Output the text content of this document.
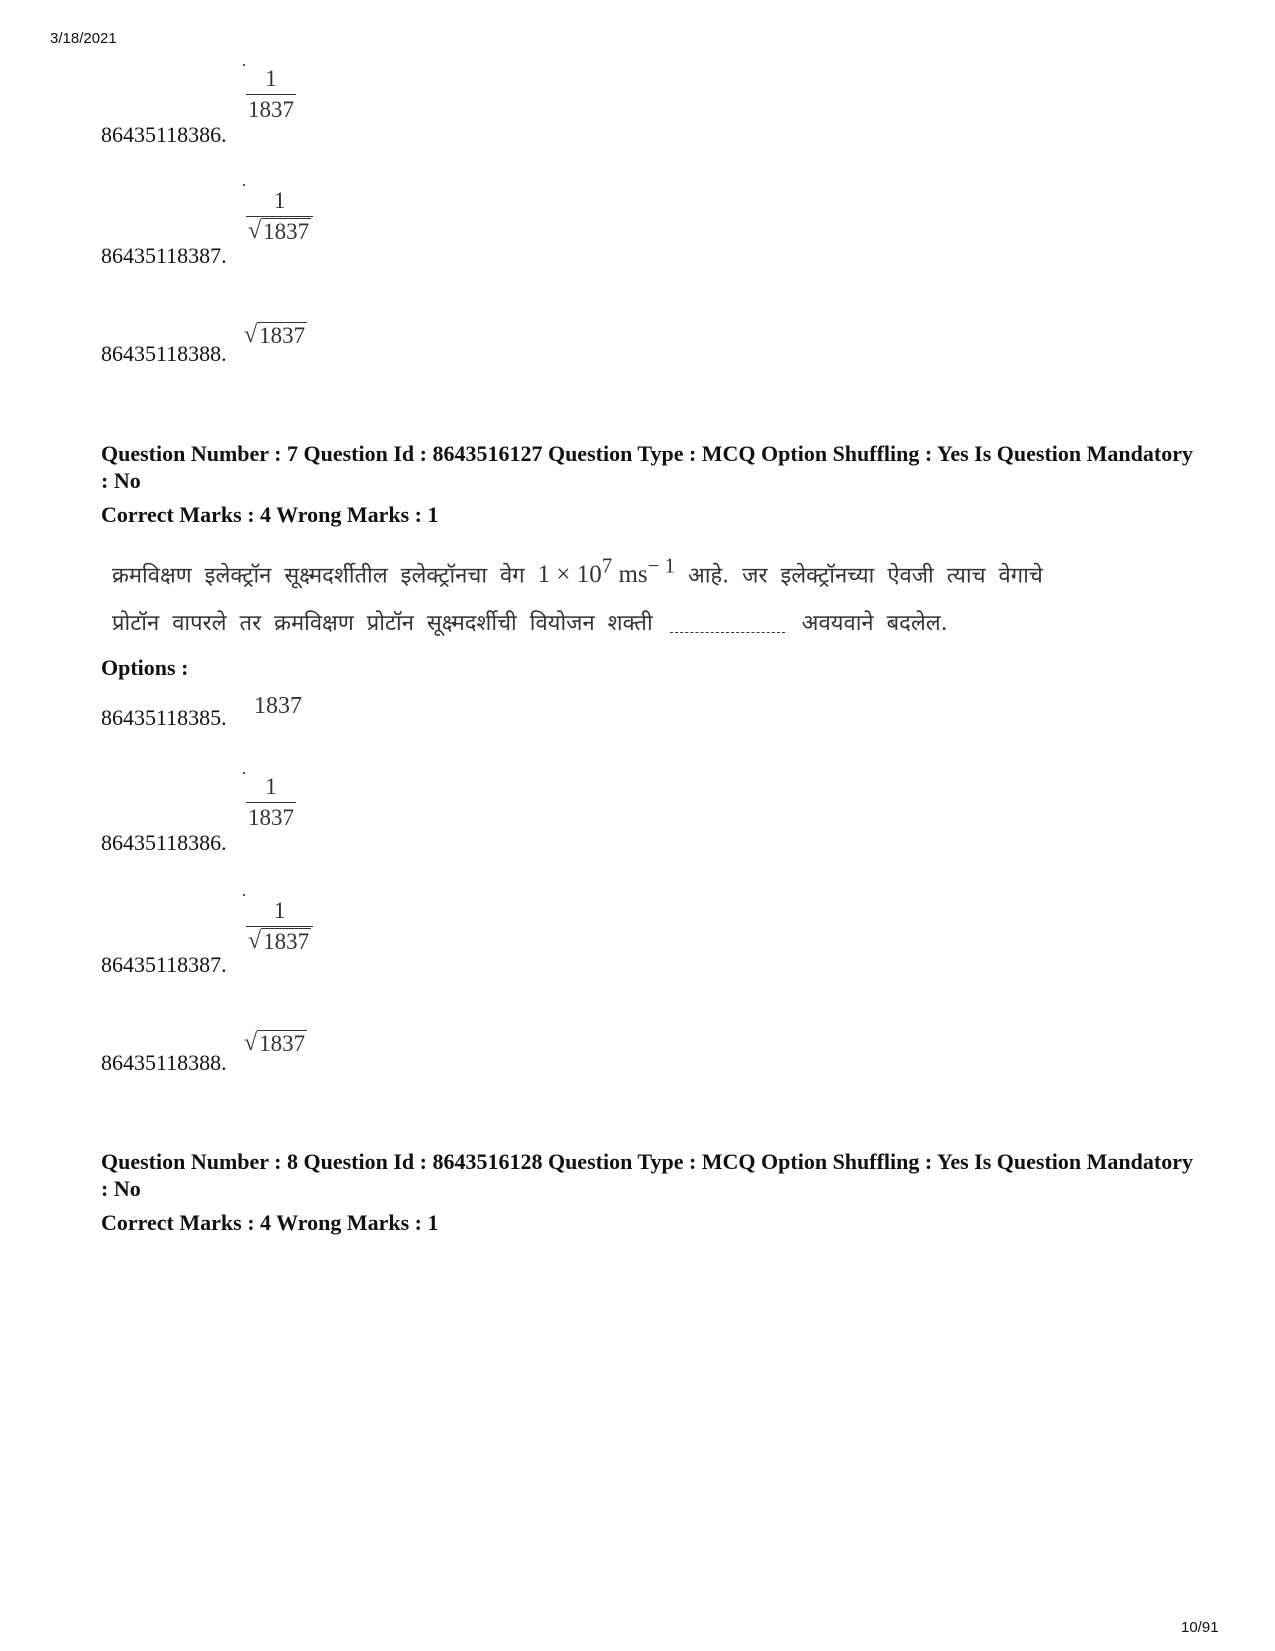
3/18/2021
$\frac{1}{1837}$
86435118386.
$\frac{1}{√ 1837}$
86435118387.
√ 1837
86435118388.
Question Number : 7 Question Id : 8643516127 Question Type : MCQ Option Shuffling : Yes Is Question Mandatory : No
Correct Marks : 4 Wrong Marks : 1
क्रमविक्षण इलेक्ट्रॉन सूक्ष्मदर्शीतील इलेक्ट्रॉनचा वेग $1 \times 10^7$ $ms^{- 1}$ आहे. जर इलेक्ट्रॉनच्या ऐवजी त्याच वेगाचे
प्रोटॉन वापरले तर क्रमविक्षण प्रोटॉन सूक्ष्मदर्शीची वियोजन शक्ती	अवयवाने बदलेल.
Options :
1837
86435118385.
$\frac{1}{1837}$
86435118386.
$\frac{1}{√ 1837}$
86435118387.
√ 1837
86435118388.
Question Number : 8 Question Id : 8643516128 Question Type : MCQ Option Shuffling : Yes Is Question Mandatory : No
Correct Marks : 4 Wrong Marks : 1
10/91
